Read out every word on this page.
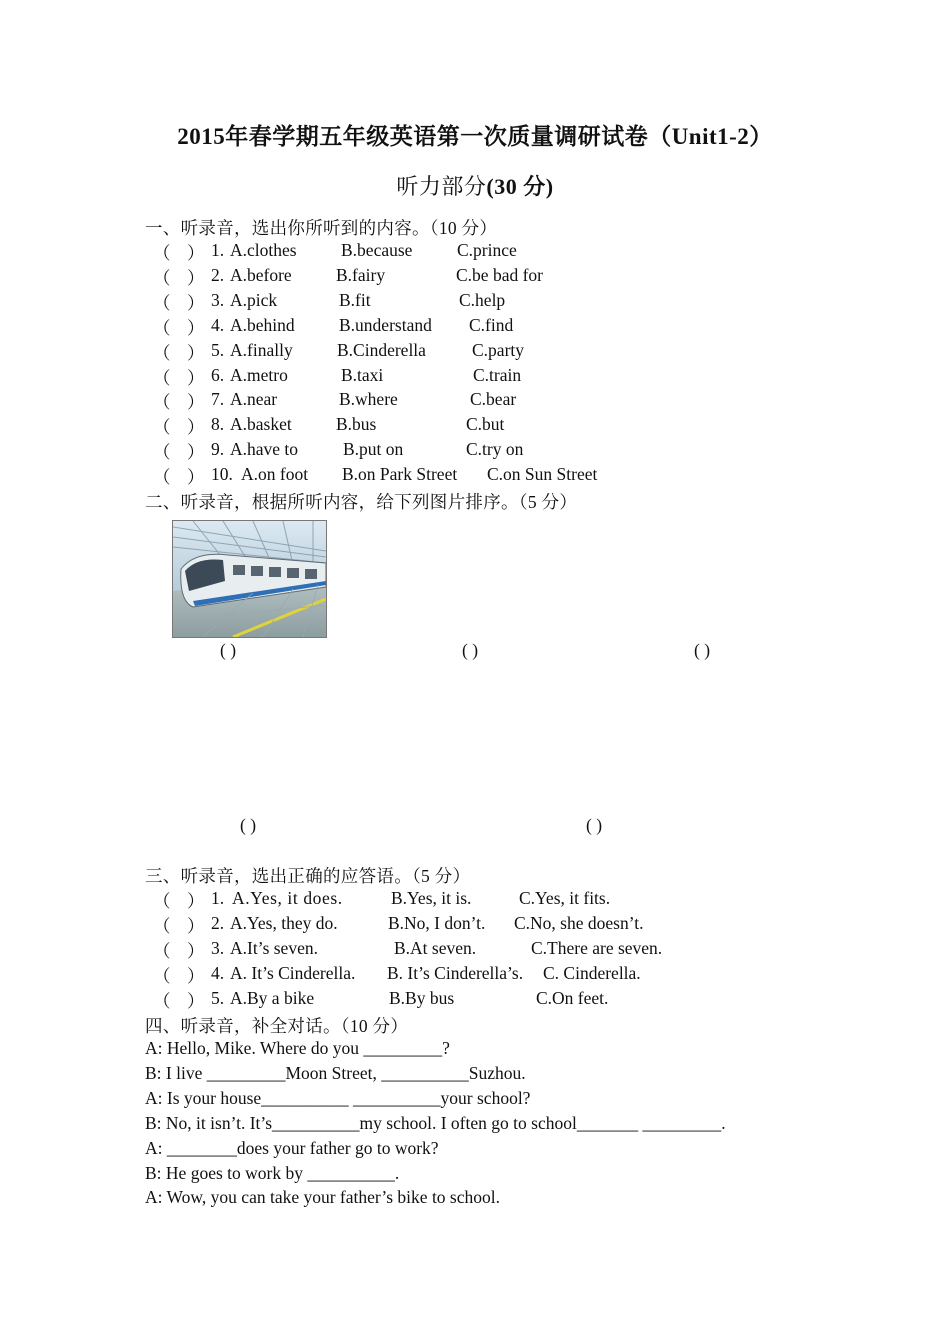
2015年春学期五年级英语第一次质量调研试卷（Unit1-2）
听力部分(30 分)
一、听录音，选出你所听到的内容。（10 分）
（ ） 1. A.clothes	B.because	C.prince
（ ） 2. A.before	B.fairy	C.be bad for
（ ） 3. A.pick	B.fit	C.help
（ ） 4. A.behind	B.understand C.find
（ ） 5. A.finally	B.Cinderella	C.party
（ ） 6. A.metro	B.taxi	C.train
（ ） 7. A.near	B.where	C.bear
（ ） 8. A.basket	B.bus	C.but
（ ） 9. A.have to	B.put on	C.try on
（ ） 10. A.on foot B.on Park Street C.on Sun Street
二、听录音，根据所听内容，给下列图片排序。（5 分）
( )	( )	( )
( )	( )
三、听录音，选出正确的应答语。（5 分）
（ ） 1. A.Yes, it does.	B.Yes, it is.	C.Yes, it fits.
（ ） 2. A.Yes, they do.	B.No, I don’t. C.No, she doesn’t.
（ ） 3. A.It’s seven.	B.At seven.	C.There are seven.
（ ） 4. A. It’s Cinderella. B. It’s Cinderella’s. C. Cinderella.
（ ） 5. A.By a bike	B.By bus	C.On feet.
四、听录音，补全对话。（10 分）
A: Hello, Mike. Where do you _________?
B: I live _________Moon Street, __________Suzhou.
A: Is your house__________ __________your school?
B: No, it isn’t. It’s__________my school. I often go to school_______ _________.
A: ________does your father go to work?
B: He goes to work by __________.
A: Wow, you can take your father’s bike to school.
